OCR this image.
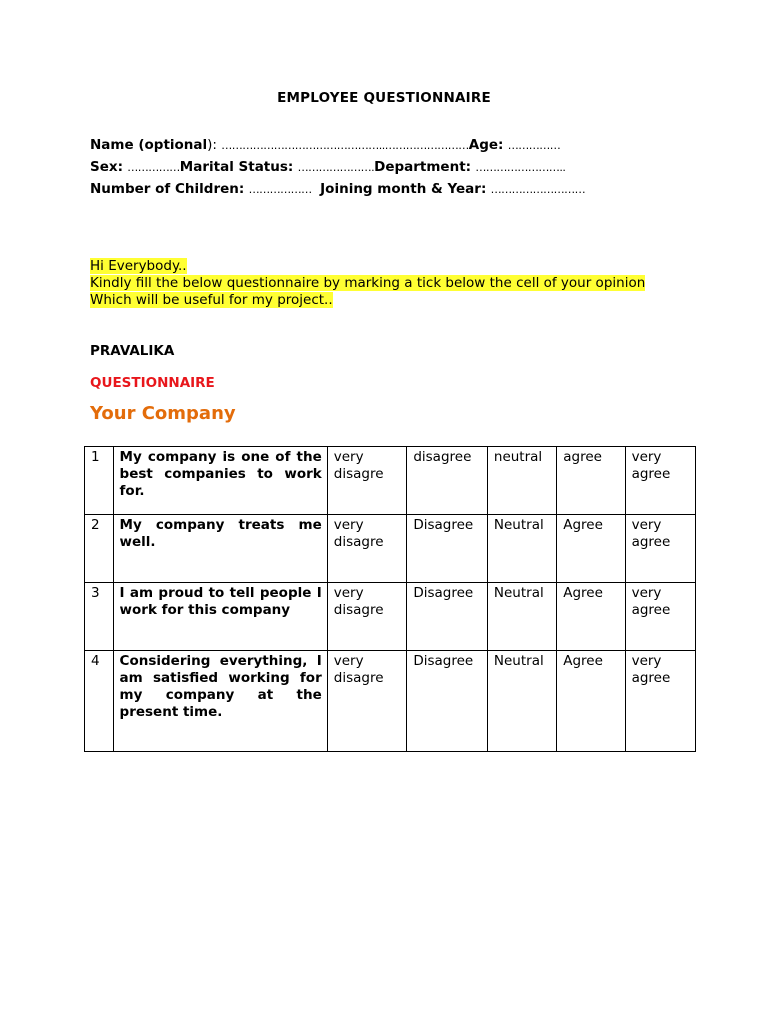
EMPLOYEE QUESTIONNAIRE
Name (optional): ………………………………………..……………………Age: ……………
Sex: ……………Marital Status: ………………….Department: ……………………..
Number of Children: ……………… Joining month & Year: ………………………
Hi Everybody..
Kindly fill the below questionnaire by marking a tick below the cell of your opinion
Which will be useful for my project..
PRAVALIKA
QUESTIONNAIRE
Your Company
1	My company is one of the best companies to work for.	very disagre	disagree	neutral	agree	very agree
2	My company treats me well.	very disagre	Disagree	Neutral	Agree	very agree
3	I am proud to tell people I work for this company	very disagre	Disagree	Neutral	Agree	very agree
4	Considering everything, I am satisfied working for my company at the present time.	very disagre	Disagree	Neutral	Agree	very agree
